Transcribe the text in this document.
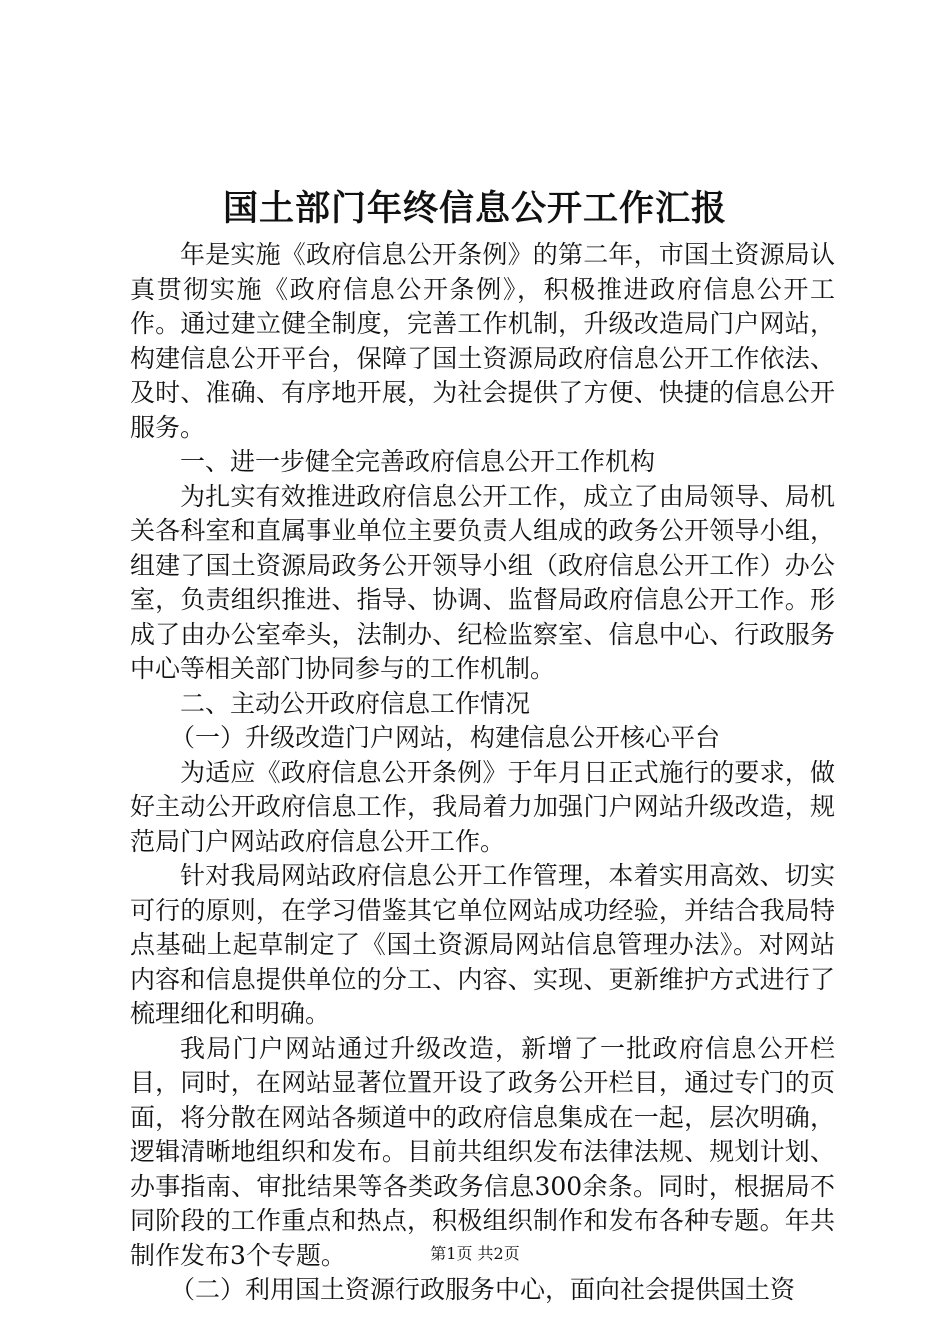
国土部门年终信息公开工作汇报

年是实施《政府信息公开条例》的第二年，市国土资源局认真贯彻实施《政府信息公开条例》，积极推进政府信息公开工作。通过建立健全制度，完善工作机制，升级改造局门户网站，构建信息公开平台，保障了国土资源局政府信息公开工作依法、及时、准确、有序地开展，为社会提供了方便、快捷的信息公开服务。

一、进一步健全完善政府信息公开工作机构

为扎实有效推进政府信息公开工作，成立了由局领导、局机关各科室和直属事业单位主要负责人组成的政务公开领导小组，组建了国土资源局政务公开领导小组（政府信息公开工作）办公室，负责组织推进、指导、协调、监督局政府信息公开工作。形成了由办公室牵头，法制办、纪检监察室、信息中心、行政服务中心等相关部门协同参与的工作机制。

二、主动公开政府信息工作情况

（一）升级改造门户网站，构建信息公开核心平台

为适应《政府信息公开条例》于年月日正式施行的要求，做好主动公开政府信息工作，我局着力加强门户网站升级改造，规范局门户网站政府信息公开工作。

针对我局网站政府信息公开工作管理，本着实用高效、切实可行的原则，在学习借鉴其它单位网站成功经验，并结合我局特点基础上起草制定了《国土资源局网站信息管理办法》。对网站内容和信息提供单位的分工、内容、实现、更新维护方式进行了梳理细化和明确。

我局门户网站通过升级改造，新增了一批政府信息公开栏目，同时，在网站显著位置开设了政务公开栏目，通过专门的页面，将分散在网站各频道中的政府信息集成在一起，层次明确，逻辑清晰地组织和发布。目前共组织发布法律法规、规划计划、办事指南、审批结果等各类政务信息300余条。同时，根据局不同阶段的工作重点和热点，积极组织制作和发布各种专题。年共制作发布3个专题。

（二）利用国土资源行政服务中心，面向社会提供国土资

第1页 共2页
